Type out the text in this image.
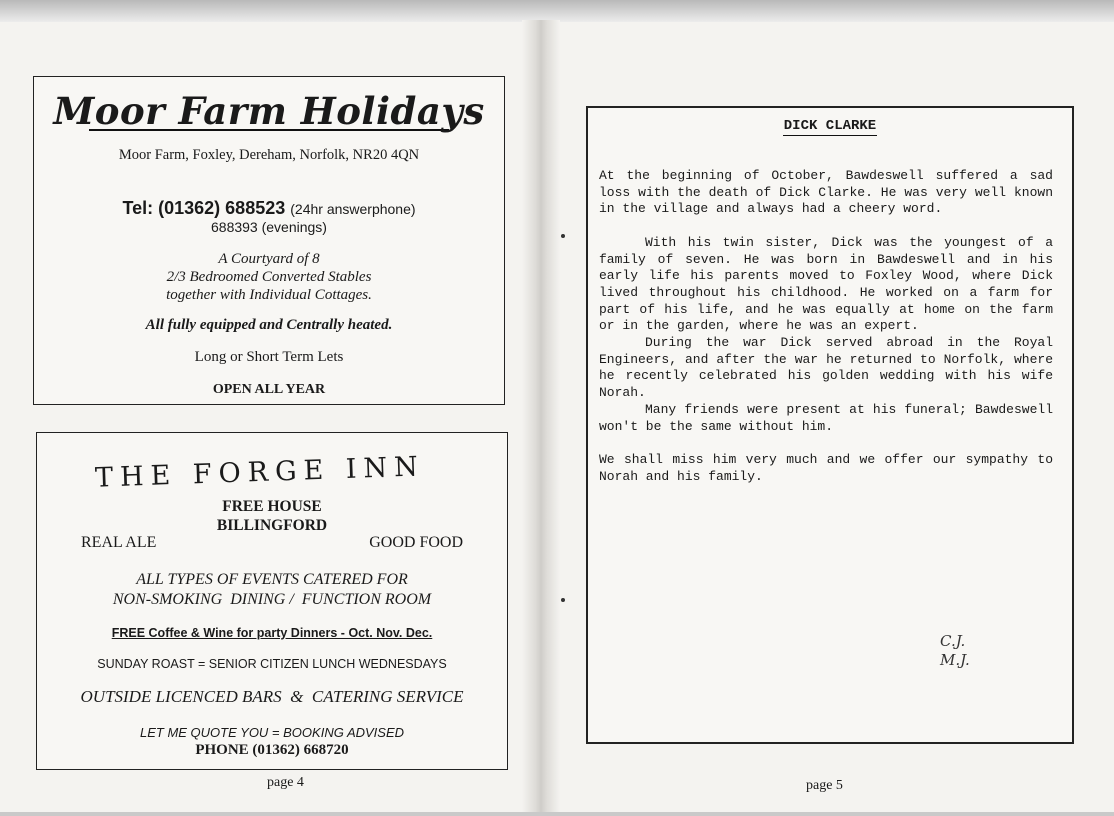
Moor Farm Holidays
Moor Farm, Foxley, Dereham, Norfolk, NR20 4QN
Tel: (01362) 688523 (24hr answerphone)
688393 (evenings)
A Courtyard of 8
2/3 Bedroomed Converted Stables
together with Individual Cottages.
All fully equipped and Centrally heated.
Long or Short Term Lets
OPEN ALL YEAR
THE FORGE INN
FREE HOUSE
BILLINGFORD
REAL ALE	GOOD FOOD
ALL TYPES OF EVENTS CATERED FOR
NON-SMOKING  DINING /  FUNCTION ROOM
FREE Coffee & Wine for party Dinners - Oct. Nov. Dec.
SUNDAY ROAST = SENIOR CITIZEN LUNCH WEDNESDAYS
OUTSIDE LICENCED BARS  &  CATERING SERVICE
LET ME QUOTE YOU = BOOKING ADVISED
PHONE (01362) 668720
page 4
DICK CLARKE

At the beginning of October, Bawdeswell suffered a sad loss with the death of Dick Clarke. He was very well known in the village and always had a cheery word.

With his twin sister, Dick was the youngest of a family of seven. He was born in Bawdeswell and in his early life his parents moved to Foxley Wood, where Dick lived throughout his childhood. He worked on a farm for part of his life, and he was equally at home on the farm or in the garden, where he was an expert.

During the war Dick served abroad in the Royal Engineers, and after the war he returned to Norfolk, where he recently celebrated his golden wedding with his wife Norah.

Many friends were present at his funeral; Bawdeswell won't be the same without him.

We shall miss him very much and we offer our sympathy to Norah and his family.

C.J.
M.J.
page 5
